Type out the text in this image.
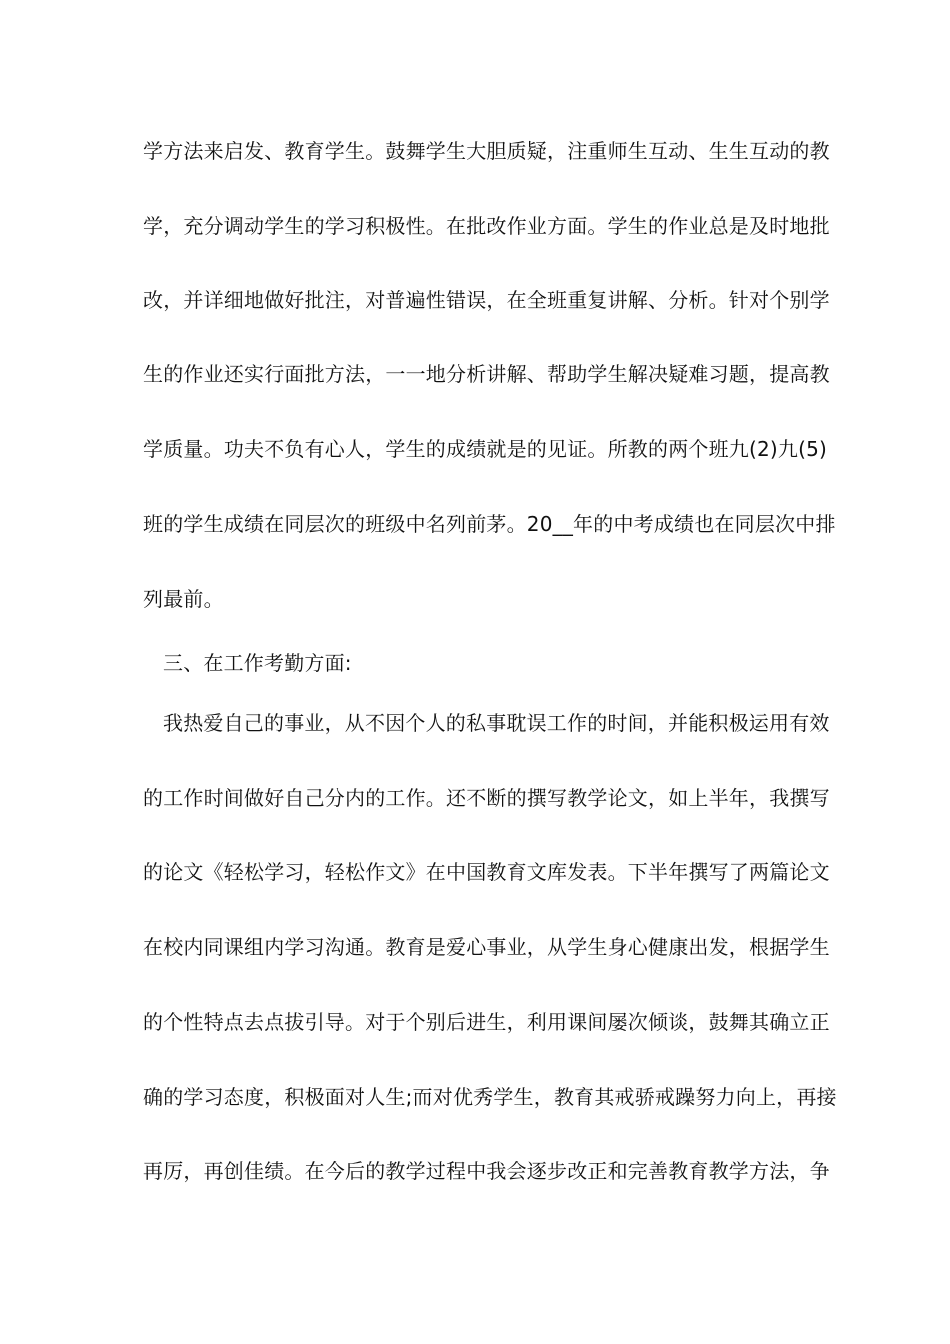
学方法来启发、教育学生。鼓舞学生大胆质疑，注重师生互动、生生互动的教
学，充分调动学生的学习积极性。在批改作业方面。学生的作业总是及时地批
改，并详细地做好批注，对普遍性错误，在全班重复讲解、分析。针对个别学
生的作业还实行面批方法，一一地分析讲解、帮助学生解决疑难习题，提高教
学质量。功夫不负有心人，学生的成绩就是的见证。所教的两个班九(2)九(5)
班的学生成绩在同层次的班级中名列前茅。20__年的中考成绩也在同层次中排
列最前。
三、在工作考勤方面:
我热爱自己的事业，从不因个人的私事耽误工作的时间，并能积极运用有效
的工作时间做好自己分内的工作。还不断的撰写教学论文，如上半年，我撰写
的论文《轻松学习，轻松作文》在中国教育文库发表。下半年撰写了两篇论文
在校内同课组内学习沟通。教育是爱心事业，从学生身心健康出发，根据学生
的个性特点去点拔引导。对于个别后进生，利用课间屡次倾谈，鼓舞其确立正
确的学习态度，积极面对人生;而对优秀学生，教育其戒骄戒躁努力向上，再接
再厉，再创佳绩。在今后的教学过程中我会逐步改正和完善教育教学方法，争
